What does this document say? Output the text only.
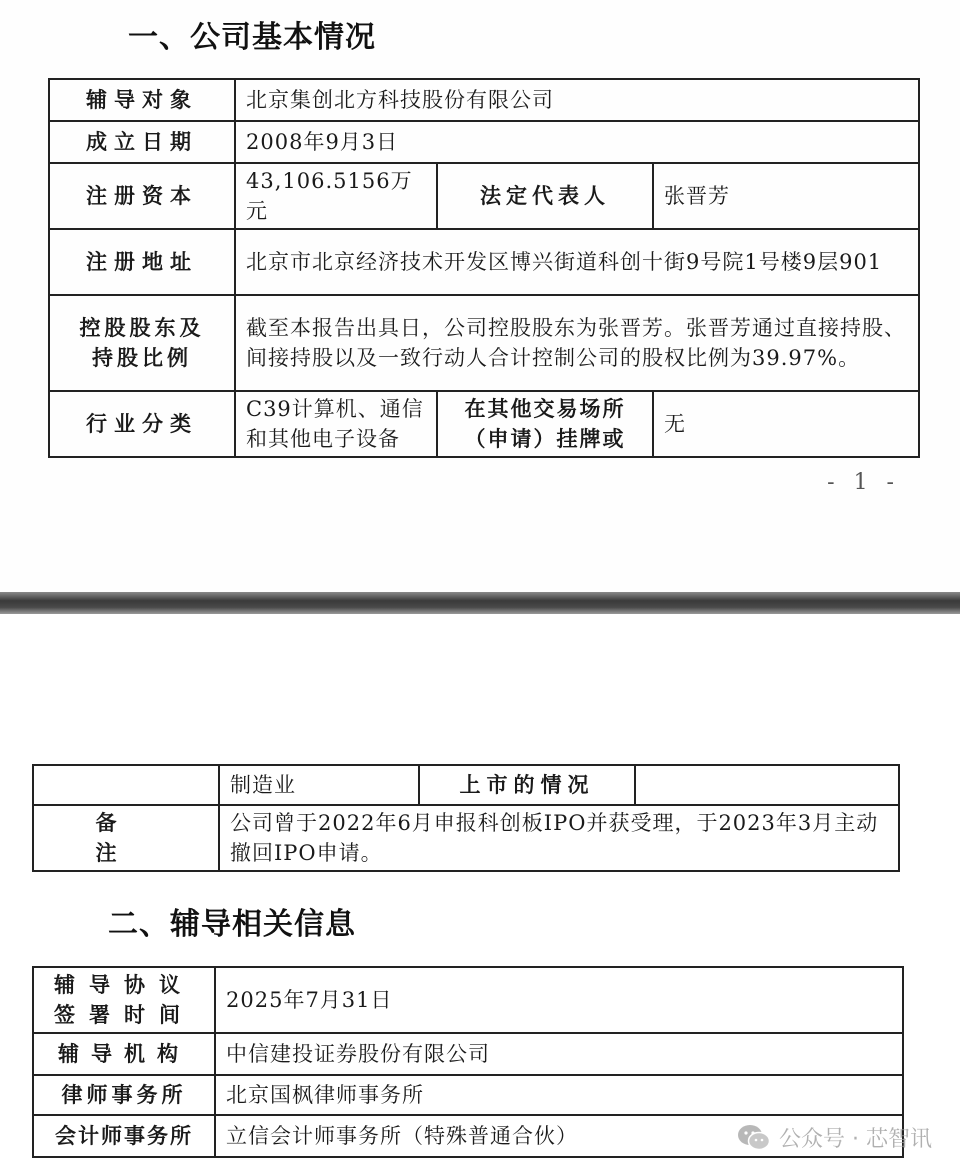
一、公司基本情况
辅导对象	北京集创北方科技股份有限公司		
成立日期	2008年9月3日		
注册资本	43,106.5156万元	法定代表人	张晋芳
注册地址	北京市北京经济技术开发区博兴街道科创十街9号院1号楼9层901		
控股股东及持股比例	截至本报告出具日，公司控股股东为张晋芳。张晋芳通过直接持股、间接持股以及一致行动人合计控制公司的股权比例为39.97%。		
行业分类	C39计算机、通信和其他电子设备	在其他交易场所（申请）挂牌或	无
- 1 -
	制造业	上市的情况	
备注	公司曾于2022年6月申报科创板IPO并获受理，于2023年3月主动撤回IPO申请。		
二、辅导相关信息
辅导协议签署时间	2025年7月31日
辅导机构	中信建投证券股份有限公司
律师事务所	北京国枫律师事务所
会计师事务所	立信会计师事务所（特殊普通合伙）	公众号 · 芯智讯
